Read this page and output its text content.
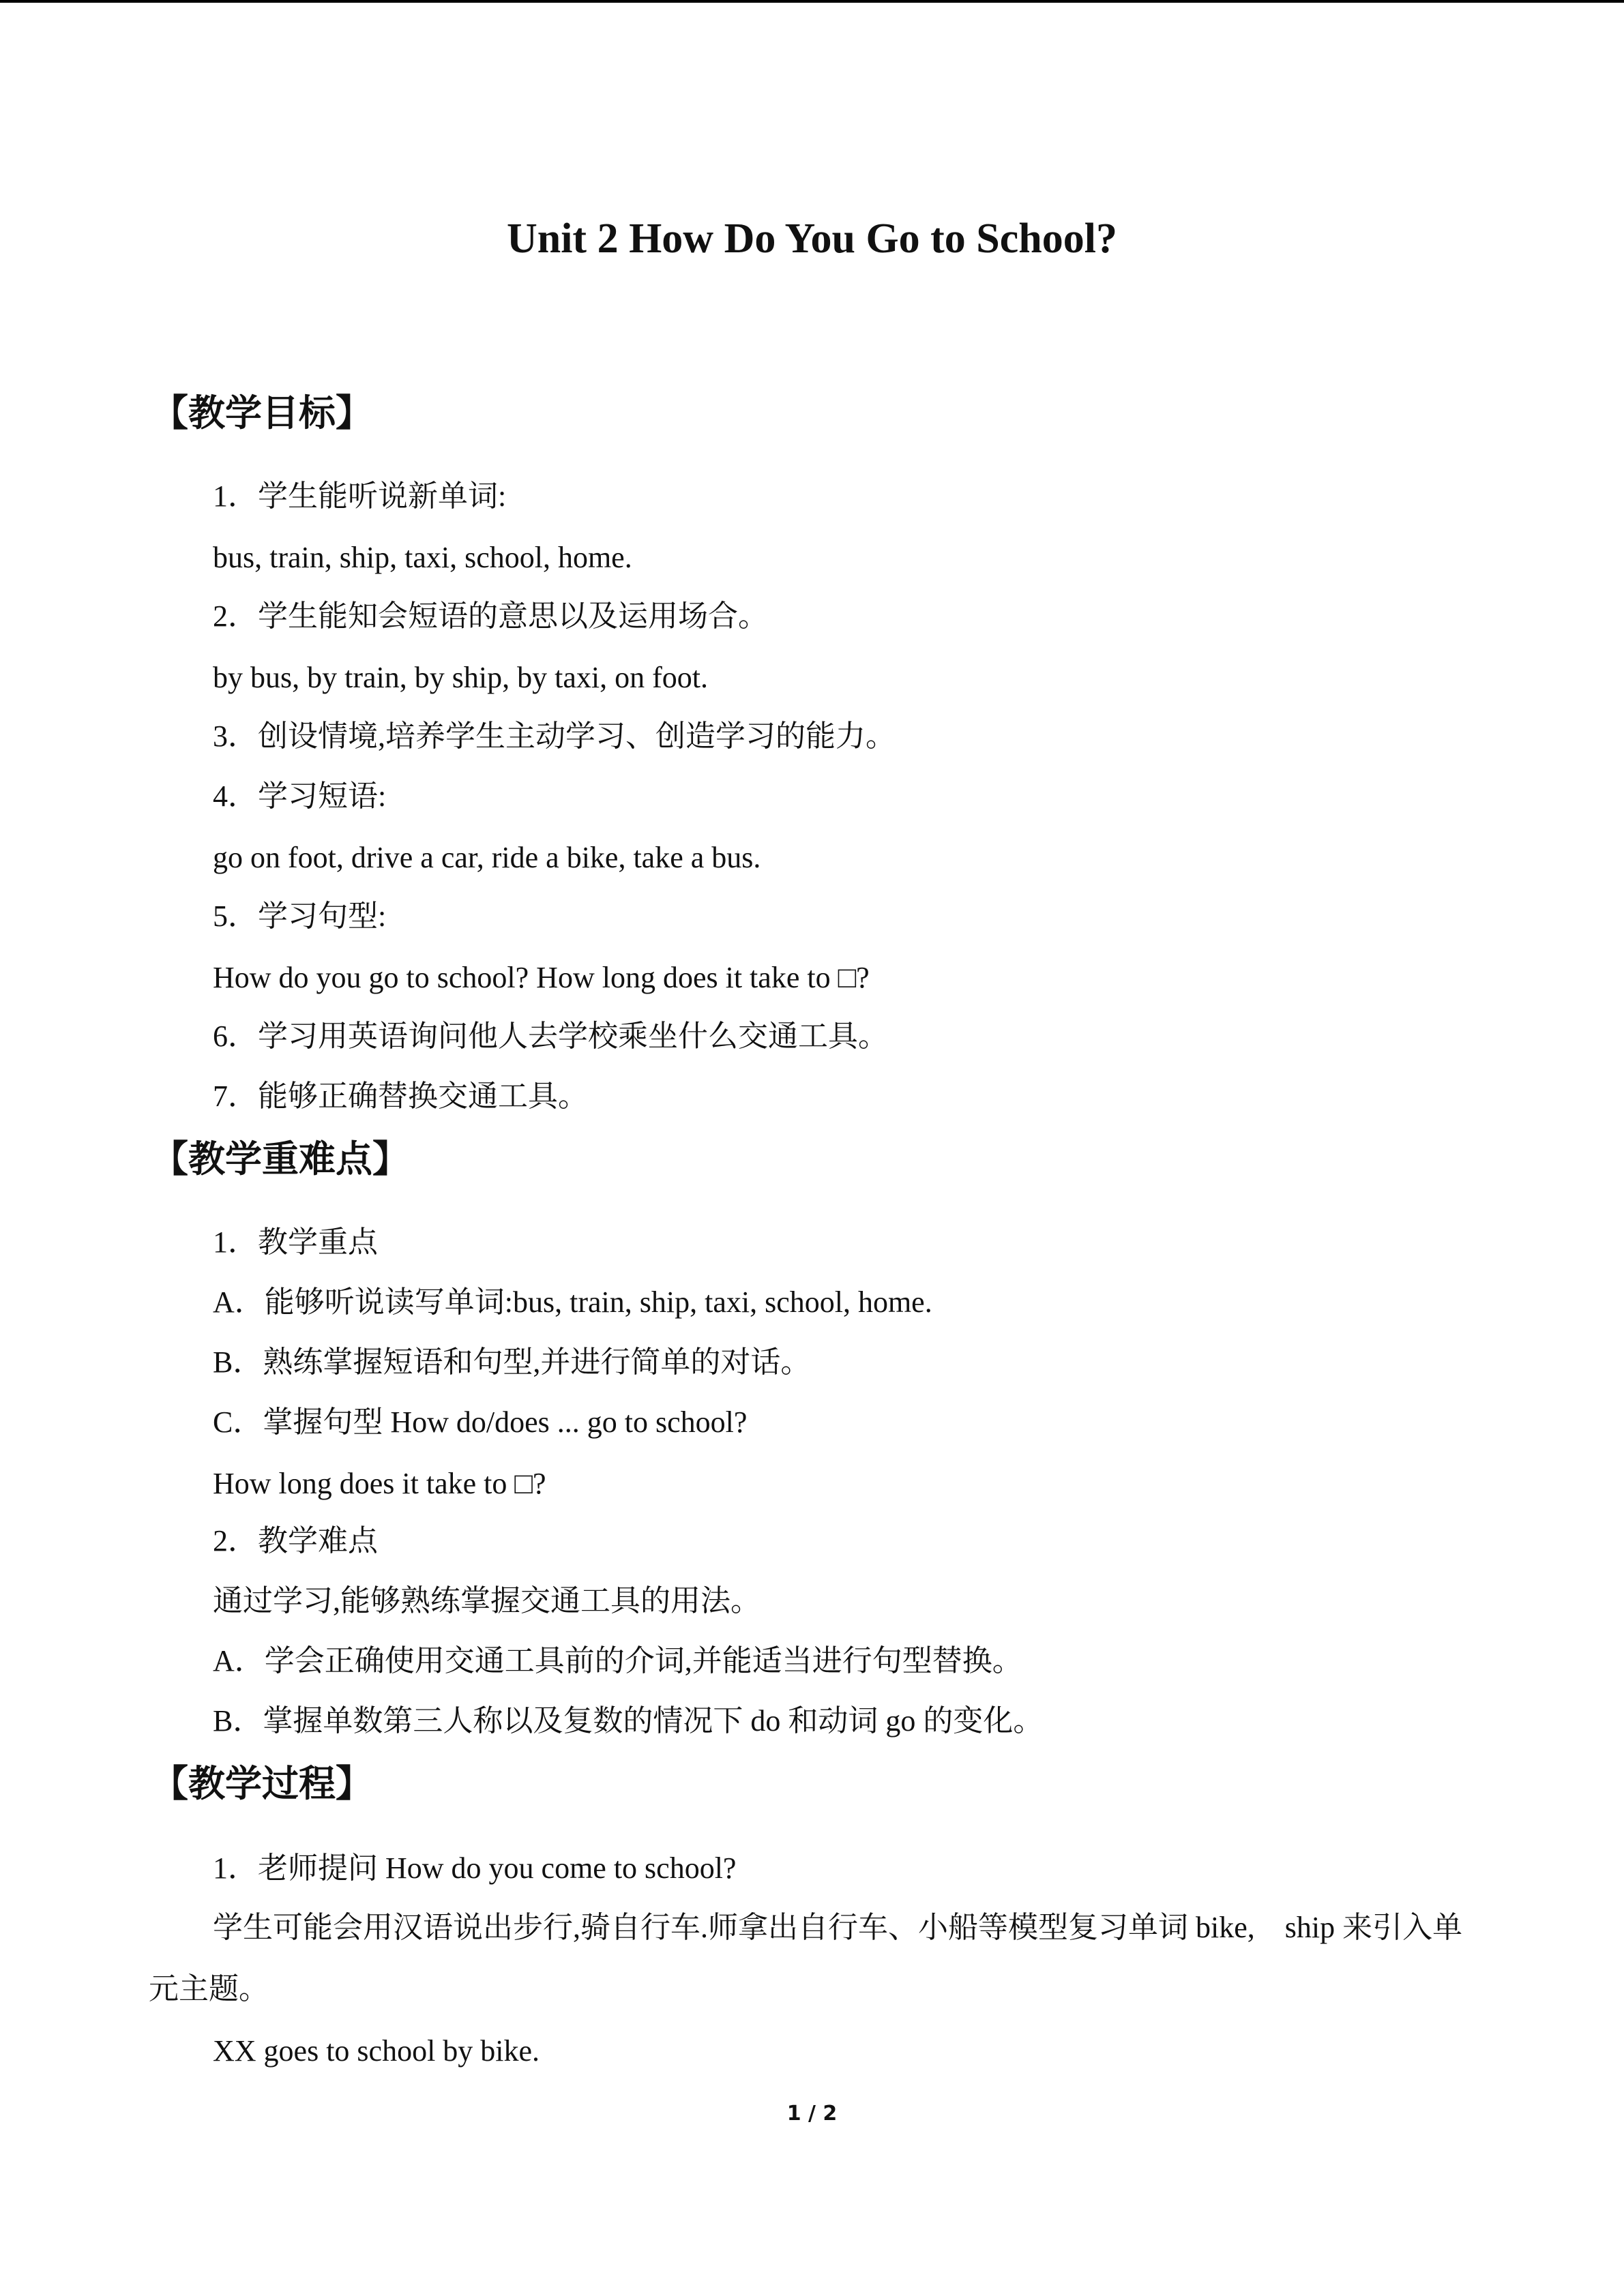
Unit 2 How Do You Go to School?
【教学目标】
1．学生能听说新单词:
bus, train, ship, taxi, school, home.
2．学生能知会短语的意思以及运用场合。
by bus, by train, by ship, by taxi, on foot.
3．创设情境,培养学生主动学习、创造学习的能力。
4．学习短语:
go on foot, drive a car, ride a bike, take a bus.
5．学习句型:
How do you go to school? How long does it take to □?
6．学习用英语询问他人去学校乘坐什么交通工具。
7．能够正确替换交通工具。
【教学重难点】
1．教学重点
A．能够听说读写单词:bus, train, ship, taxi, school, home.
B．熟练掌握短语和句型,并进行简单的对话。
C．掌握句型 How do/does ... go to school?
How long does it take to □?
2．教学难点
通过学习,能够熟练掌握交通工具的用法。
A．学会正确使用交通工具前的介词,并能适当进行句型替换。
B．掌握单数第三人称以及复数的情况下 do 和动词 go 的变化。
【教学过程】
1．老师提问 How do you come to school?
学生可能会用汉语说出步行,骑自行车.师拿出自行车、小船等模型复习单词 bike,　ship 来引入单元主题。
XX goes to school by bike.
1 / 2
